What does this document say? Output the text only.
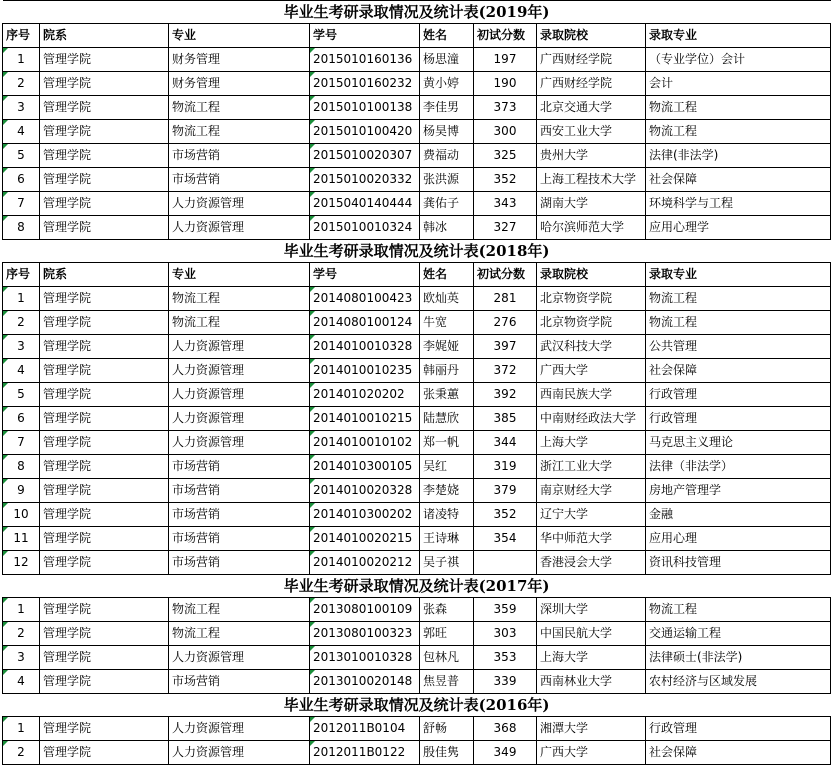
毕业生考研录取情况及统计表(2019年)							
序号	院系	专业	学号	姓名	初试分数	录取院校	录取专业
1	管理学院	财务管理	2015010160136	杨思潼	197	广西财经学院	（专业学位）会计
2	管理学院	财务管理	2015010160232	黄小婷	190	广西财经学院	会计
3	管理学院	物流工程	2015010100138	李佳男	373	北京交通大学	物流工程
4	管理学院	物流工程	2015010100420	杨昊博	300	西安工业大学	物流工程
5	管理学院	市场营销	2015010020307	费福动	325	贵州大学	法律(非法学)
6	管理学院	市场营销	2015010020332	张洪源	352	上海工程技术大学	社会保障
7	管理学院	人力资源管理	2015040140444	龚佑子	343	湖南大学	环境科学与工程
8	管理学院	人力资源管理	2015010010324	韩冰	327	哈尔滨师范大学	应用心理学
毕业生考研录取情况及统计表(2018年)							
序号	院系	专业	学号	姓名	初试分数	录取院校	录取专业
1	管理学院	物流工程	2014080100423	欧灿英	281	北京物资学院	物流工程
2	管理学院	物流工程	2014080100124	牛宽	276	北京物资学院	物流工程
3	管理学院	人力资源管理	2014010010328	李娓娅	397	武汉科技大学	公共管理
4	管理学院	人力资源管理	2014010010235	韩丽丹	372	广西大学	社会保障
5	管理学院	人力资源管理	201401020202	张秉蕙	392	西南民族大学	行政管理
6	管理学院	人力资源管理	2014010010215	陆慧欣	385	中南财经政法大学	行政管理
7	管理学院	人力资源管理	2014010010102	郑一帆	344	上海大学	马克思主义理论
8	管理学院	市场营销	2014010300105	吴红	319	浙江工业大学	法律（非法学）
9	管理学院	市场营销	2014010020328	李楚娆	379	南京财经大学	房地产管理学
10	管理学院	市场营销	2014010300202	诸凌特	352	辽宁大学	金融
11	管理学院	市场营销	2014010020215	王诗琳	354	华中师范大学	应用心理
12	管理学院	市场营销	2014010020212	吴子祺		香港浸会大学	资讯科技管理
毕业生考研录取情况及统计表(2017年)							
1	管理学院	物流工程	2013080100109	张森	359	深圳大学	物流工程
2	管理学院	物流工程	2013080100323	郭旺	303	中国民航大学	交通运输工程
3	管理学院	人力资源管理	2013010010328	包林凡	353	上海大学	法律硕士(非法学)
4	管理学院	市场营销	2013010020148	焦昱普	339	西南林业大学	农村经济与区域发展
毕业生考研录取情况及统计表(2016年)							
1	管理学院	人力资源管理	2012011B0104	舒畅	368	湘潭大学	行政管理
2	管理学院	人力资源管理	2012011B0122	殷佳隽	349	广西大学	社会保障
